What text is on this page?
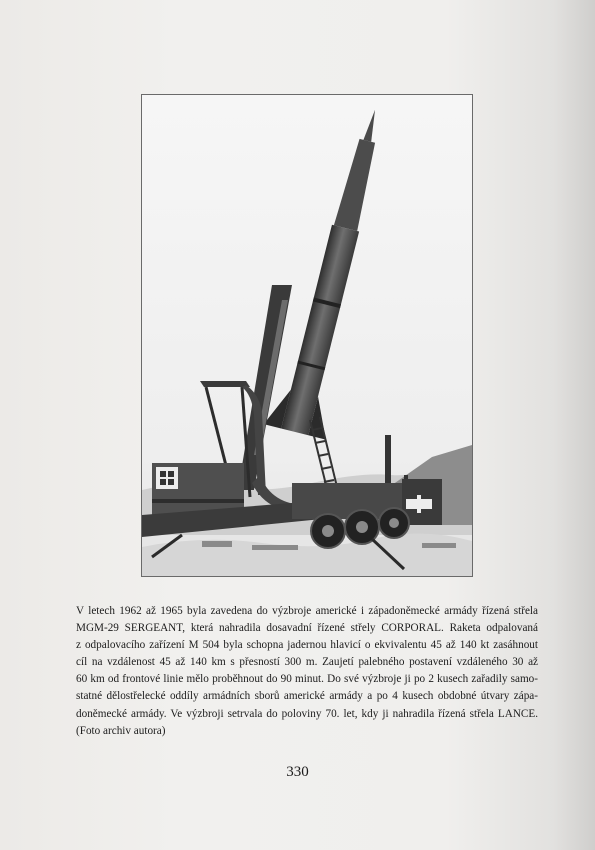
V letech 1962 až 1965 byla zavedena do výzbroje americké i západoněmecké armády řízená střela
MGM-29 SERGEANT, která nahradila dosavadní řízené střely CORPORAL. Raketa odpalovaná
z odpalovacího zařízení M 504 byla schopna jadernou hlavicí o ekvivalentu 45 až 140 kt zasáhnout
cíl na vzdálenost 45 až 140 km s přesností 300 m. Zaujetí palebného postavení vzdáleného 30 až
60 km od frontové linie mělo proběhnout do 90 minut. Do své výzbroje ji po 2 kusech zařadily samo-
statné dělostřelecké oddíly armádních sborů americké armády a po 4 kusech obdobné útvary zápa-
doněmecké armády. Ve výzbroji setrvala do poloviny 70. let, kdy ji nahradila řízená střela LANCE.
(Foto archiv autora)

330
